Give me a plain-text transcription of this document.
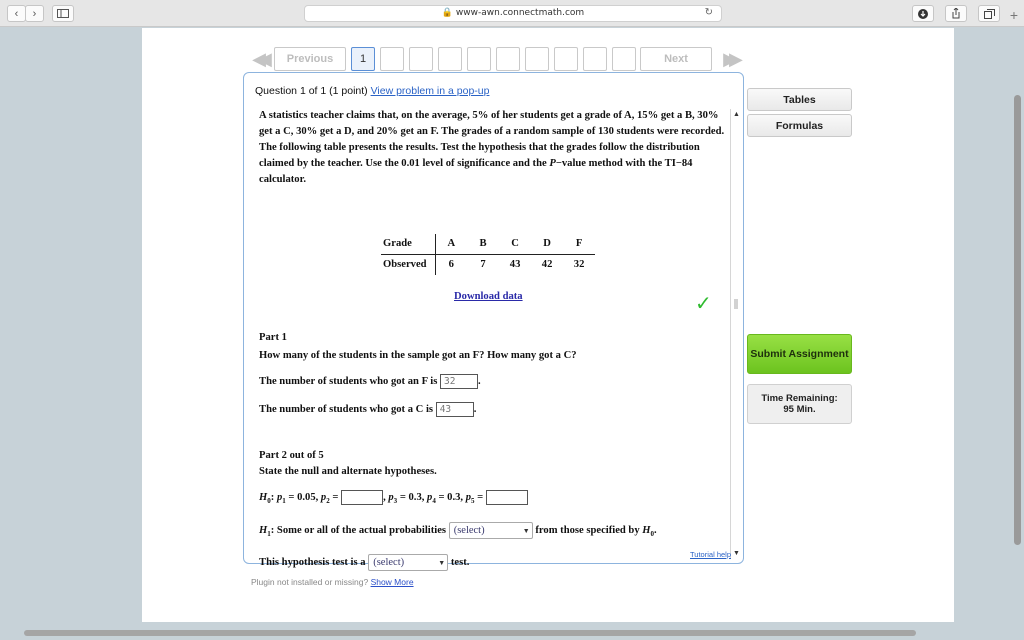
‹ ›	🔒 www-awn.connectmath.com	↻	+
◀◀	Previous	1	Next	▶▶
Question 1 of 1 (1 point) View problem in a pop-up
A statistics teacher claims that, on the average, 5% of her students get a grade of A, 15% get a B, 30% get a C, 30% get a D, and 20% get an F. The grades of a random sample of 130 students were recorded. The following table presents the results. Test the hypothesis that the grades follow the distribution claimed by the teacher. Use the 0.01 level of significance and the P−value method with the TI−84 calculator.
Grade	A	B	C	D	F
Observed	6	7	43	42	32
Download data
Part 1
How many of the students in the sample got an F? How many got a C?
The number of students who got an F is 32 .
The number of students who got a C is 43 .
Part 2 out of 5
State the null and alternate hypotheses.
$H_0$: $p_1 = 0.05$, $p_2$ =	, $p_3 = 0.3$, $p_4 = 0.3$, $p_5$ =
$H_1$: Some or all of the actual probabilities (select)	▼ from those specified by $H_0$.
This hypothesis test is a (select)	▼ test.
✓
▲
▼
Tutorial help
Tables
Formulas
Submit Assignment
Time Remaining:
95 Min.
Plugin not installed or missing? Show More
